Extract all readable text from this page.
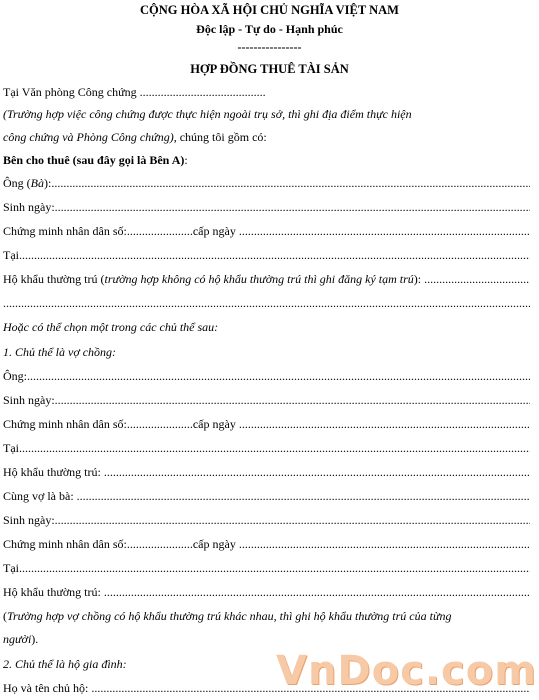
CỘNG HÒA XÃ HỘI CHỦ NGHĨA VIỆT NAM
Độc lập - Tự do - Hạnh phúc
----------------
HỢP ĐỒNG THUÊ TÀI SẢN
Tại Văn phòng Công chứng ..........................................
(Trường hợp việc công chứng được thực hiện ngoài trụ sở, thì ghi địa điểm thực hiện
công chứng và Phòng Công chứng), chúng tôi gồm có:
Bên cho thuê (sau đây gọi là Bên A):
Ông (Bà):
.....
Sinh ngày:
.....
Chứng minh nhân dân số: ...................... cấp ngày

.....
Tại
.....
Hộ khẩu thường trú (trường hợp không có hộ khẩu thường trú thì ghi đăng ký tạm trú):

.....
.....
Hoặc có thể chọn một trong các chủ thể sau:
1. Chủ thể là vợ chồng:
Ông:
.....
Sinh ngày:
.....
Chứng minh nhân dân số: ...................... cấp ngày

.....
Tại
.....
Hộ khẩu thường trú:

.....
Cùng vợ là bà:

.....
Sinh ngày:
.....
Chứng minh nhân dân số: ...................... cấp ngày

.....
Tại
.....
Hộ khẩu thường trú:

.....
(Trường hợp vợ chồng có hộ khẩu thường trú khác nhau, thì ghi hộ khẩu thường trú của từng
người).
2. Chủ thể là hộ gia đình:
Họ và tên chủ hộ:

.....	VnDoc.com
